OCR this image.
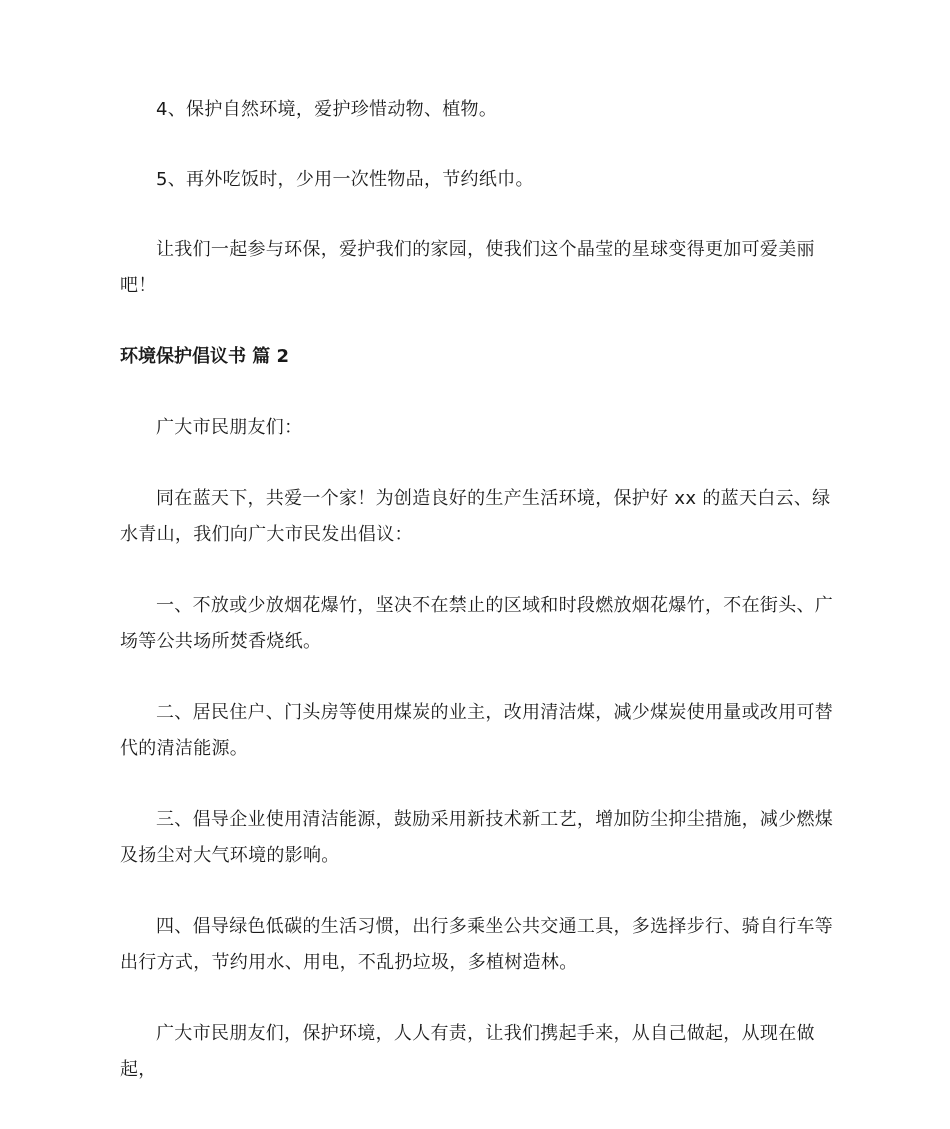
4、保护自然环境，爱护珍惜动物、植物。

5、再外吃饭时，少用一次性物品，节约纸巾。

让我们一起参与环保，爱护我们的家园，使我们这个晶莹的星球变得更加可爱美丽吧！

环境保护倡议书 篇 2

广大市民朋友们：

同在蓝天下，共爱一个家！为创造良好的生产生活环境，保护好 xx 的蓝天白云、绿水青山，我们向广大市民发出倡议：

一、不放或少放烟花爆竹，坚决不在禁止的区域和时段燃放烟花爆竹，不在街头、广场等公共场所焚香烧纸。

二、居民住户、门头房等使用煤炭的业主，改用清洁煤，减少煤炭使用量或改用可替代的清洁能源。

三、倡导企业使用清洁能源，鼓励采用新技术新工艺，增加防尘抑尘措施，减少燃煤及扬尘对大气环境的影响。

四、倡导绿色低碳的生活习惯，出行多乘坐公共交通工具，多选择步行、骑自行车等出行方式，节约用水、用电，不乱扔垃圾，多植树造林。

广大市民朋友们，保护环境，人人有责，让我们携起手来，从自己做起，从现在做起，
